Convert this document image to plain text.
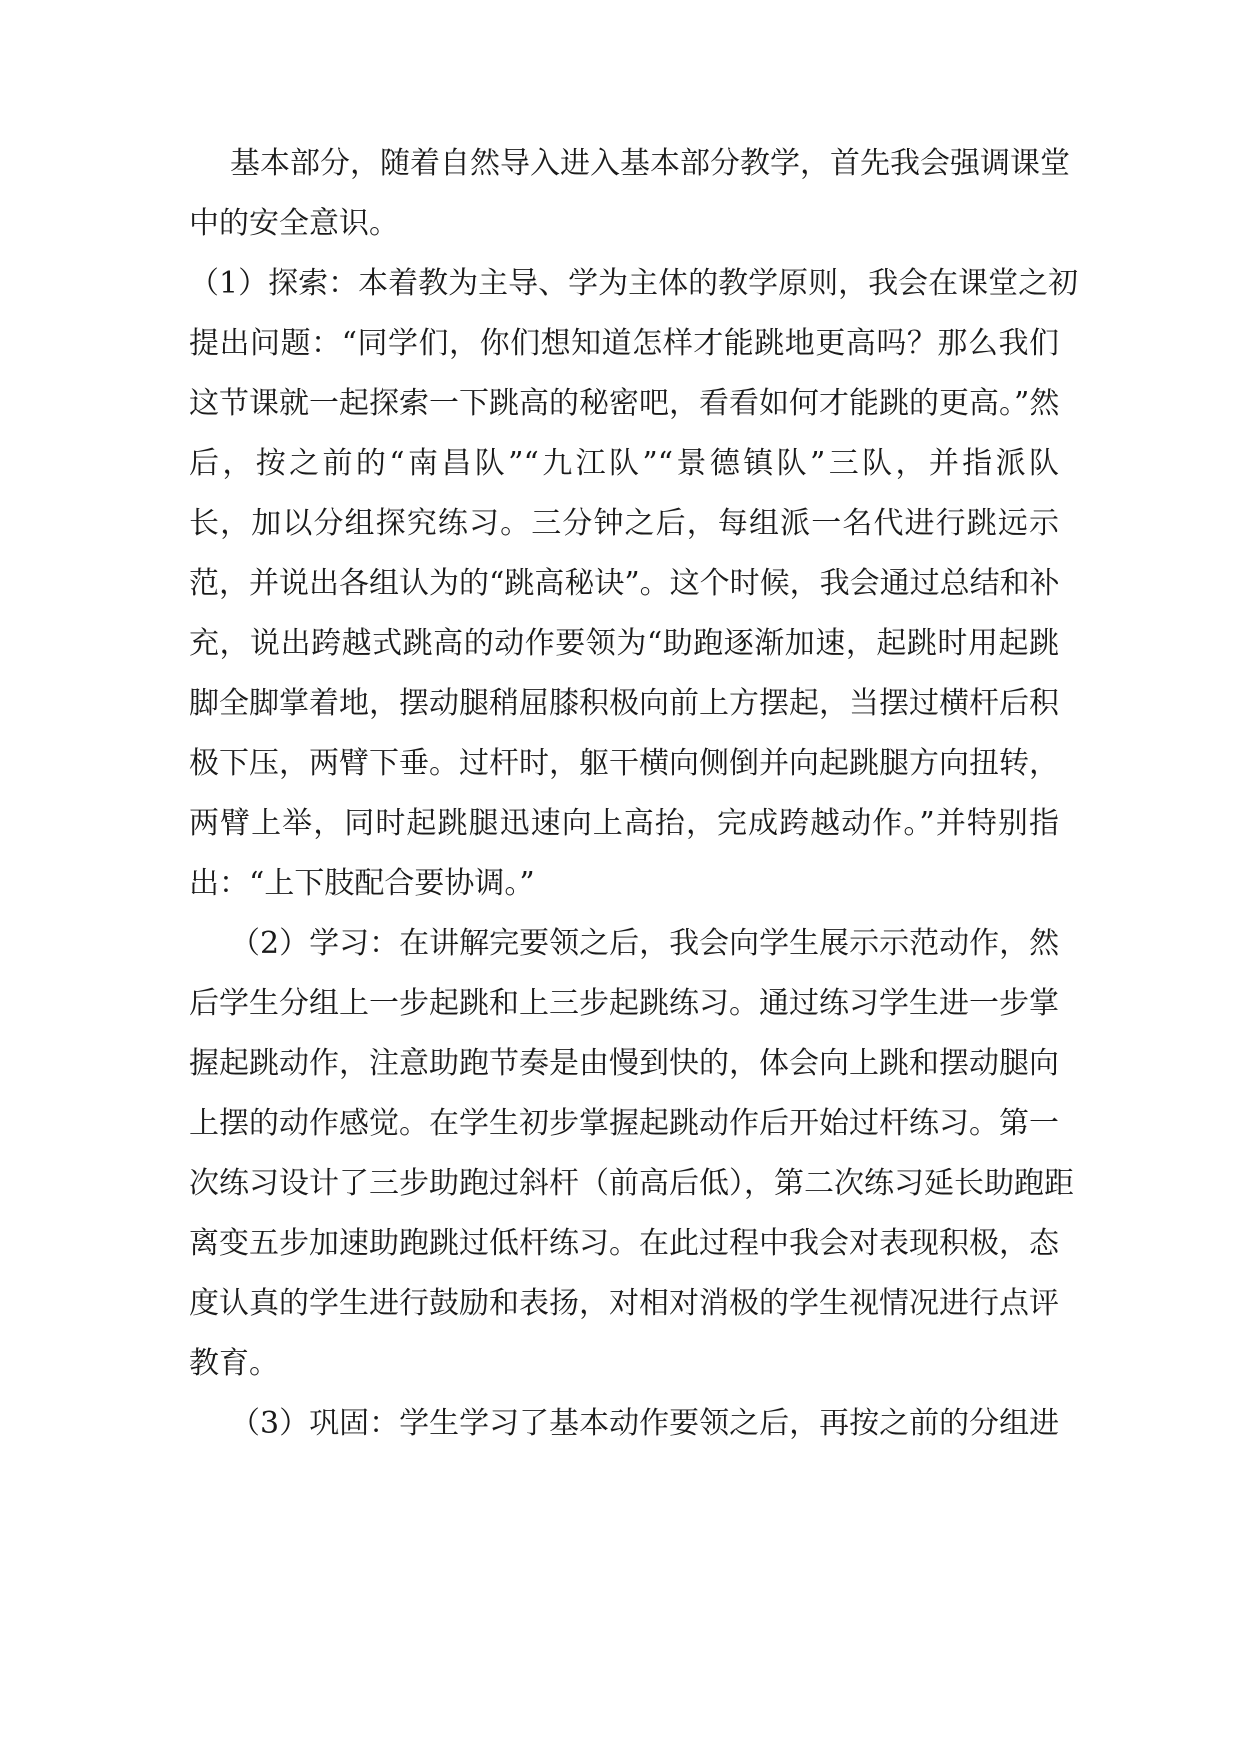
基本部分，随着自然导入进入基本部分教学，首先我会强调课堂
中的安全意识。
（1）探索：本着教为主导、学为主体的教学原则，我会在课堂之初
提出问题：“同学们，你们想知道怎样才能跳地更高吗？那么我们
这节课就一起探索一下跳高的秘密吧，看看如何才能跳的更高。”然
后，按之前的“南昌队”“九江队”“景德镇队”三队，并指派队
长，加以分组探究练习。三分钟之后，每组派一名代进行跳远示
范，并说出各组认为的“跳高秘诀”。这个时候，我会通过总结和补
充，说出跨越式跳高的动作要领为“助跑逐渐加速，起跳时用起跳
脚全脚掌着地，摆动腿稍屈膝积极向前上方摆起，当摆过横杆后积
极下压，两臂下垂。过杆时，躯干横向侧倒并向起跳腿方向扭转，
两臂上举，同时起跳腿迅速向上高抬，完成跨越动作。”并特别指
出：“上下肢配合要协调。”
（2）学习：在讲解完要领之后，我会向学生展示示范动作，然
后学生分组上一步起跳和上三步起跳练习。通过练习学生进一步掌
握起跳动作，注意助跑节奏是由慢到快的，体会向上跳和摆动腿向
上摆的动作感觉。在学生初步掌握起跳动作后开始过杆练习。第一
次练习设计了三步助跑过斜杆（前高后低），第二次练习延长助跑距
离变五步加速助跑跳过低杆练习。在此过程中我会对表现积极，态
度认真的学生进行鼓励和表扬，对相对消极的学生视情况进行点评
教育。
（3）巩固：学生学习了基本动作要领之后，再按之前的分组进
